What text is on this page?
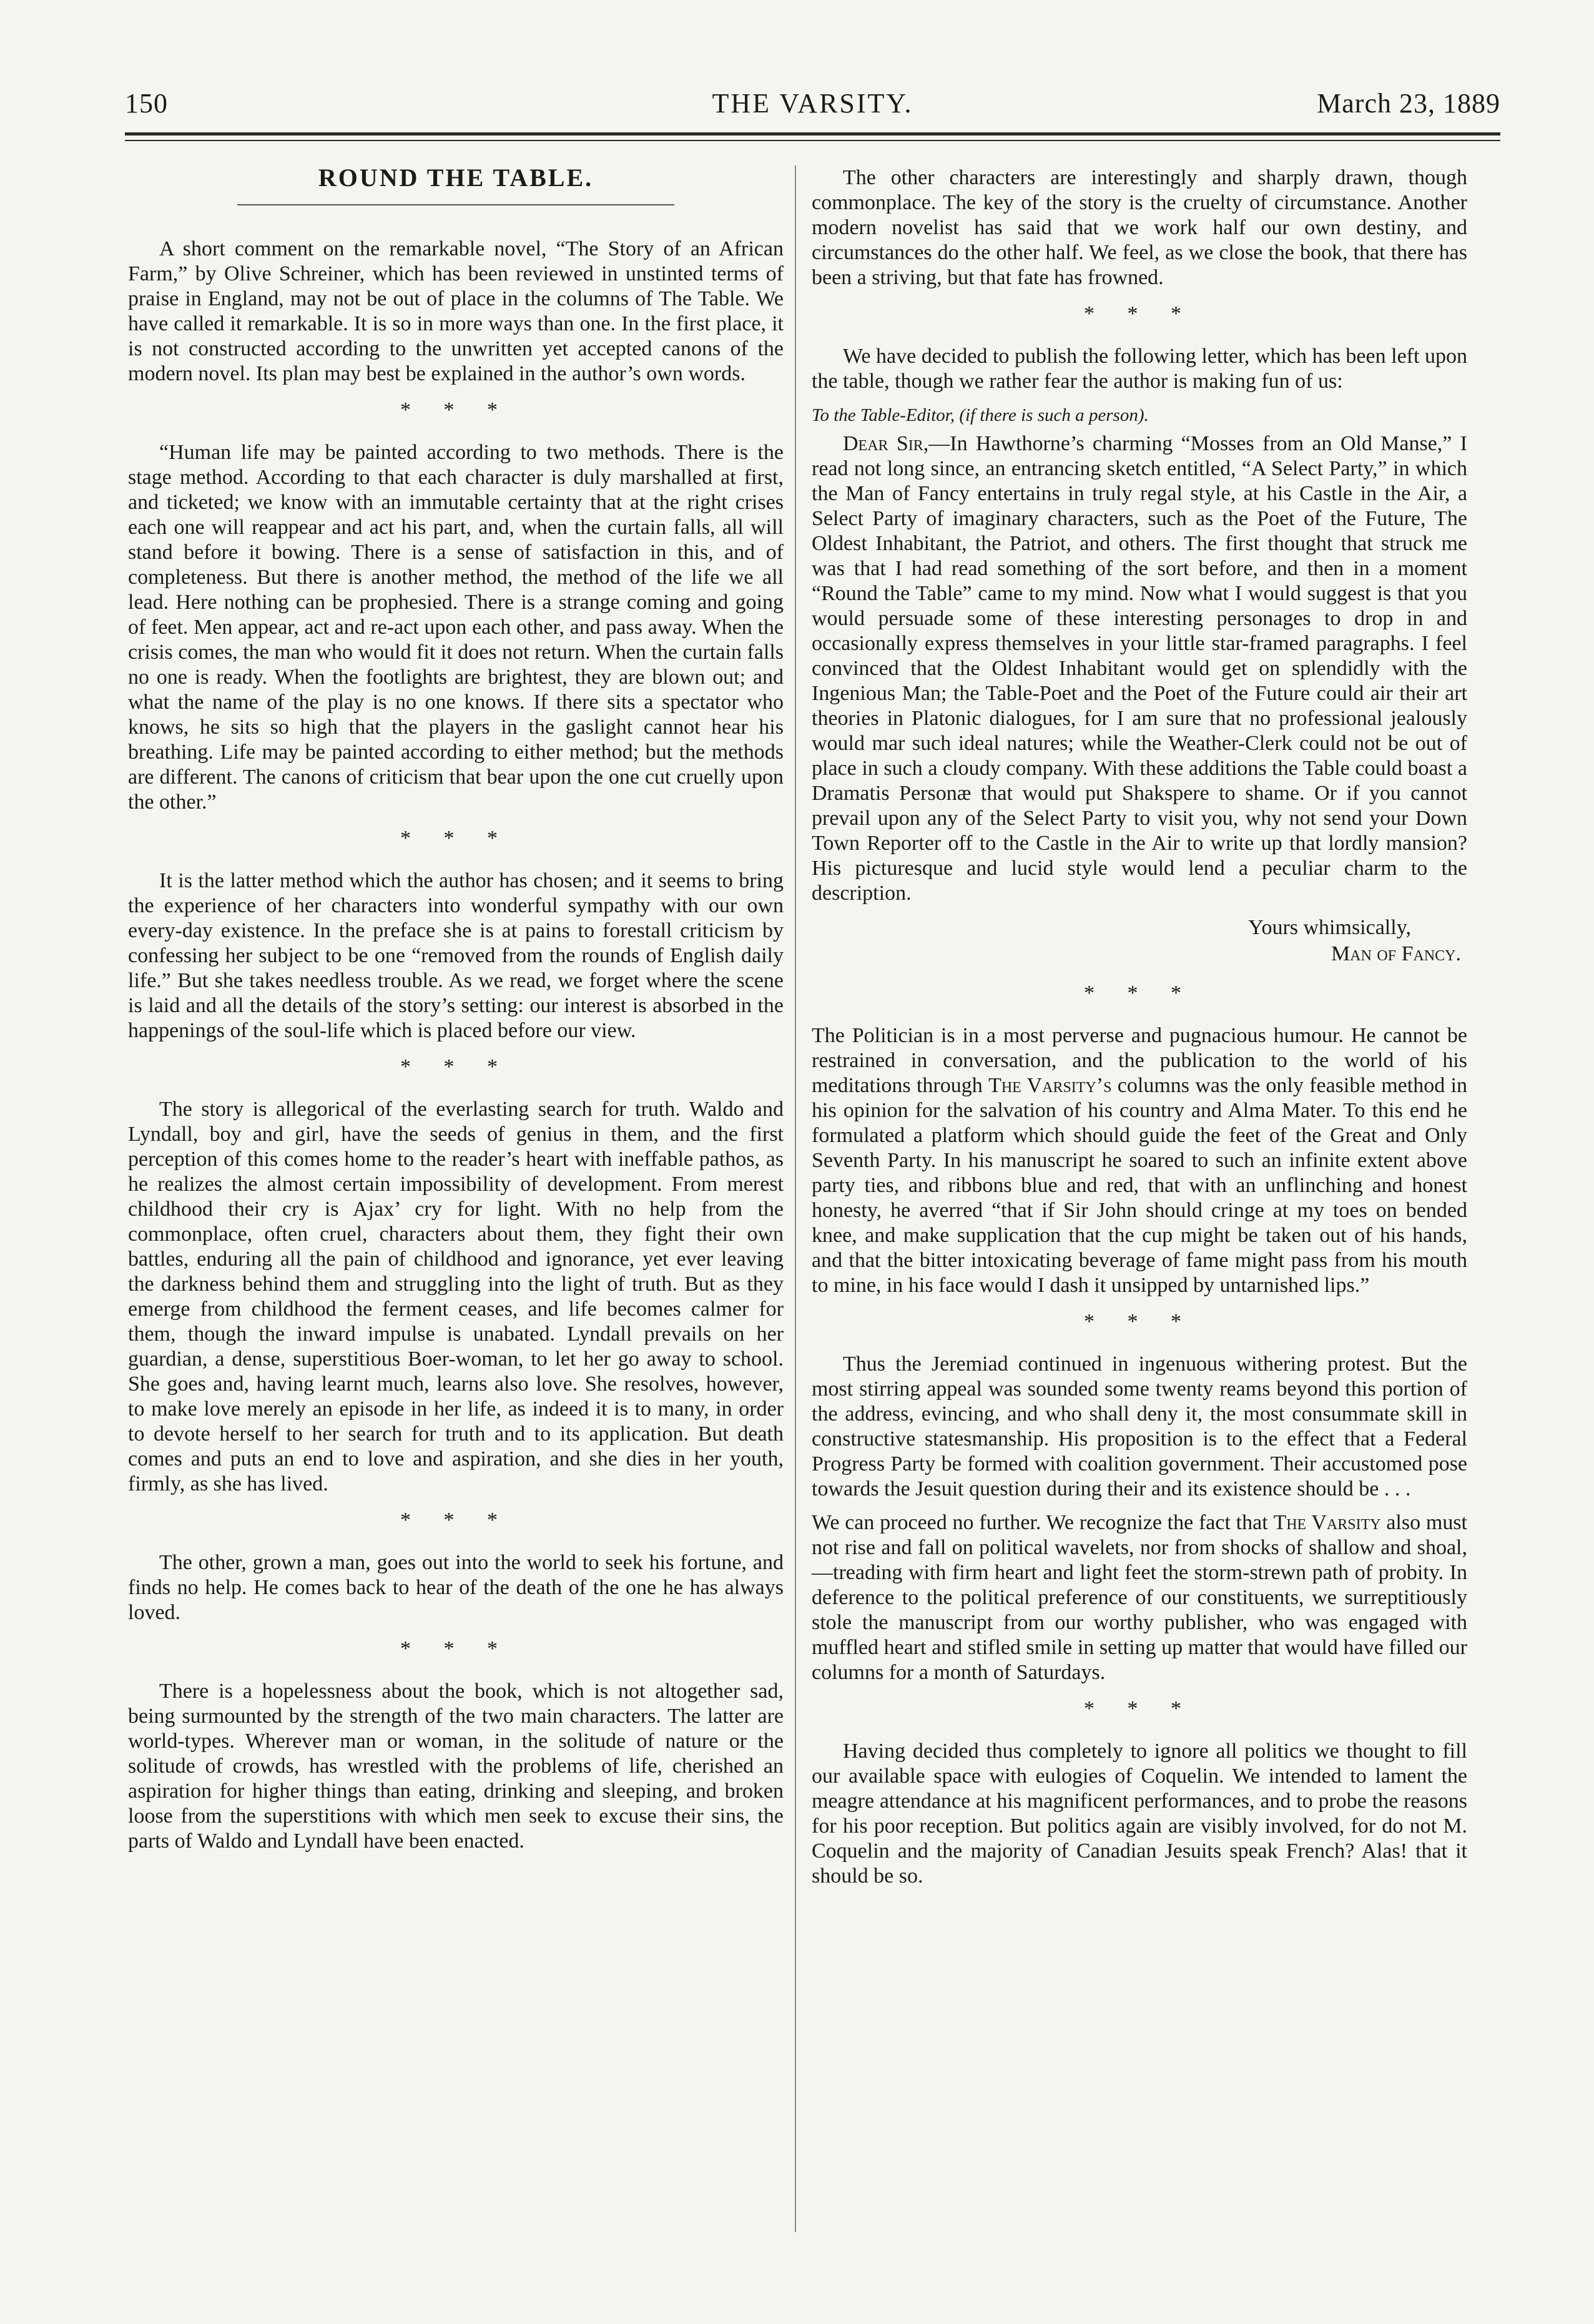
150	THE VARSITY.	March 23, 1889
ROUND THE TABLE.

A short comment on the remarkable novel, “The Story of an African Farm,” by Olive Schreiner, which has been reviewed in unstinted terms of praise in England, may not be out of place in the columns of The Table. We have called it remarkable. It is so in more ways than one. In the first place, it is not constructed according to the unwritten yet accepted canons of the modern novel. Its plan may best be explained in the author’s own words.

* * *

“Human life may be painted according to two methods. There is the stage method. According to that each character is duly marshalled at first, and ticketed; we know with an immutable certainty that at the right crises each one will reappear and act his part, and, when the curtain falls, all will stand before it bowing. There is a sense of satisfaction in this, and of completeness. But there is another method, the method of the life we all lead. Here nothing can be prophesied. There is a strange coming and going of feet. Men appear, act and re-act upon each other, and pass away. When the crisis comes, the man who would fit it does not return. When the curtain falls no one is ready. When the footlights are brightest, they are blown out; and what the name of the play is no one knows. If there sits a spectator who knows, he sits so high that the players in the gaslight cannot hear his breathing. Life may be painted according to either method; but the methods are different. The canons of criticism that bear upon the one cut cruelly upon the other.”

* * *

It is the latter method which the author has chosen; and it seems to bring the experience of her characters into wonderful sympathy with our own every-day existence. In the preface she is at pains to forestall criticism by confessing her subject to be one “removed from the rounds of English daily life.” But she takes needless trouble. As we read, we forget where the scene is laid and all the details of the story’s setting: our interest is absorbed in the happenings of the soul-life which is placed before our view.

* * *

The story is allegorical of the everlasting search for truth. Waldo and Lyndall, boy and girl, have the seeds of genius in them, and the first perception of this comes home to the reader’s heart with ineffable pathos, as he realizes the almost certain impossibility of development. From merest childhood their cry is Ajax’ cry for light. With no help from the commonplace, often cruel, characters about them, they fight their own battles, enduring all the pain of childhood and ignorance, yet ever leaving the darkness behind them and struggling into the light of truth. But as they emerge from childhood the ferment ceases, and life becomes calmer for them, though the inward impulse is unabated. Lyndall prevails on her guardian, a dense, superstitious Boer-woman, to let her go away to school. She goes and, having learnt much, learns also love. She resolves, however, to make love merely an episode in her life, as indeed it is to many, in order to devote herself to her search for truth and to its application. But death comes and puts an end to love and aspiration, and she dies in her youth, firmly, as she has lived.

* * *

The other, grown a man, goes out into the world to seek his fortune, and finds no help. He comes back to hear of the death of the one he has always loved.

* * *

There is a hopelessness about the book, which is not altogether sad, being surmounted by the strength of the two main characters. The latter are world-types. Wherever man or woman, in the solitude of nature or the solitude of crowds, has wrestled with the problems of life, cherished an aspiration for higher things than eating, drinking and sleeping, and broken loose from the superstitions with which men seek to excuse their sins, the parts of Waldo and Lyndall have been enacted.

The other characters are interestingly and sharply drawn, though commonplace. The key of the story is the cruelty of circumstance. Another modern novelist has said that we work half our own destiny, and circumstances do the other half. We feel, as we close the book, that there has been a striving, but that fate has frowned.

* * *

We have decided to publish the following letter, which has been left upon the table, though we rather fear the author is making fun of us:

To the Table-Editor, (if there is such a person).

Dear Sir,—In Hawthorne’s charming “Mosses from an Old Manse,” I read not long since, an entrancing sketch entitled, “A Select Party,” in which the Man of Fancy entertains in truly regal style, at his Castle in the Air, a Select Party of imaginary characters, such as the Poet of the Future, The Oldest Inhabitant, the Patriot, and others. The first thought that struck me was that I had read something of the sort before, and then in a moment “Round the Table” came to my mind. Now what I would suggest is that you would persuade some of these interesting personages to drop in and occasionally express themselves in your little star-framed paragraphs. I feel convinced that the Oldest Inhabitant would get on splendidly with the Ingenious Man; the Table-Poet and the Poet of the Future could air their art theories in Platonic dialogues, for I am sure that no professional jealously would mar such ideal natures; while the Weather-Clerk could not be out of place in such a cloudy company. With these additions the Table could boast a Dramatis Personæ that would put Shakspere to shame. Or if you cannot prevail upon any of the Select Party to visit you, why not send your Down Town Reporter off to the Castle in the Air to write up that lordly mansion? His picturesque and lucid style would lend a peculiar charm to the description.

Yours whimsically,
Man of Fancy.
* * *

The Politician is in a most perverse and pugnacious humour. He cannot be restrained in conversation, and the publication to the world of his meditations through The Varsity’s columns was the only feasible method in his opinion for the salvation of his country and Alma Mater. To this end he formulated a platform which should guide the feet of the Great and Only Seventh Party. In his manuscript he soared to such an infinite extent above party ties, and ribbons blue and red, that with an unflinching and honest honesty, he averred “that if Sir John should cringe at my toes on bended knee, and make supplication that the cup might be taken out of his hands, and that the bitter intoxicating beverage of fame might pass from his mouth to mine, in his face would I dash it unsipped by untarnished lips.”

* * *

Thus the Jeremiad continued in ingenuous withering protest. But the most stirring appeal was sounded some twenty reams beyond this portion of the address, evincing, and who shall deny it, the most consummate skill in constructive statesmanship. His proposition is to the effect that a Federal Progress Party be formed with coalition government. Their accustomed pose towards the Jesuit question during their and its existence should be . . .

We can proceed no further. We recognize the fact that The Varsity also must not rise and fall on political wavelets, nor from shocks of shallow and shoal,—treading with firm heart and light feet the storm-strewn path of probity. In deference to the political preference of our constituents, we surreptitiously stole the manuscript from our worthy publisher, who was engaged with muffled heart and stifled smile in setting up matter that would have filled our columns for a month of Saturdays.

* * *

Having decided thus completely to ignore all politics we thought to fill our available space with eulogies of Coquelin. We intended to lament the meagre attendance at his magnificent performances, and to probe the reasons for his poor reception. But politics again are visibly involved, for do not M. Coquelin and the majority of Canadian Jesuits speak French? Alas! that it should be so.
